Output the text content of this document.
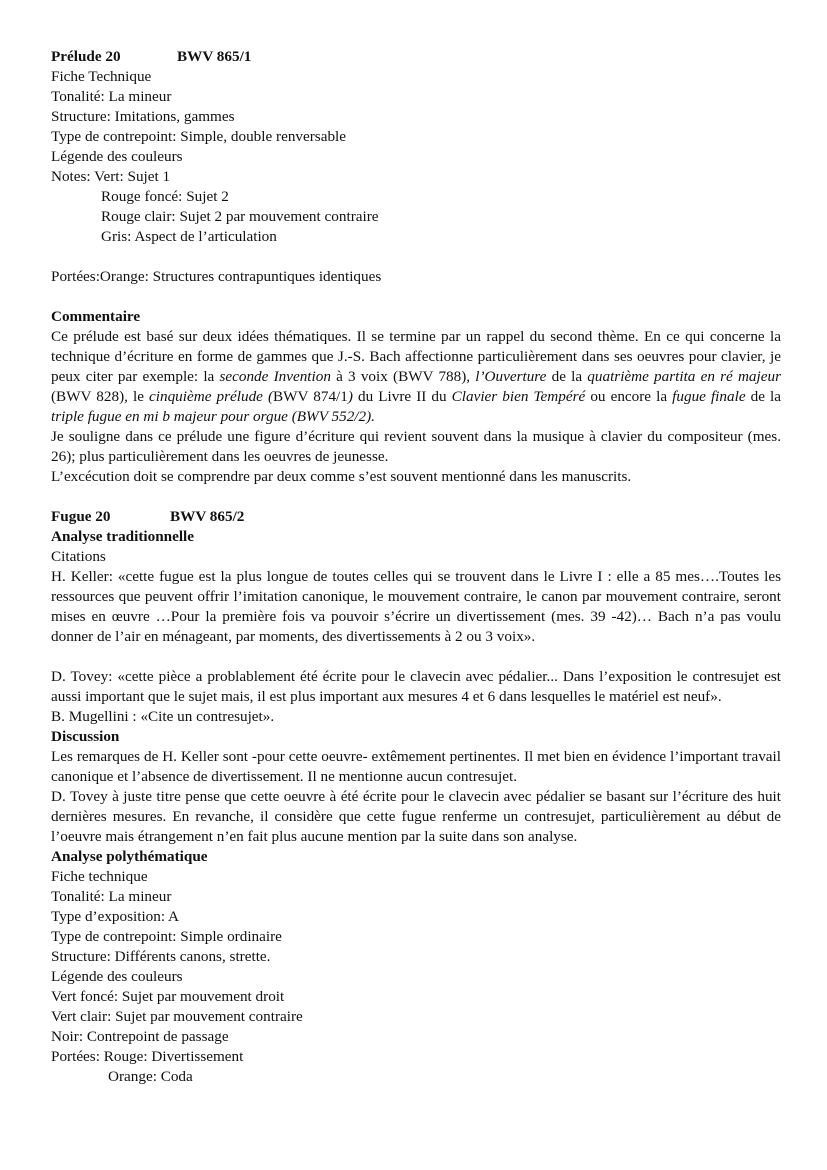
Prélude 20	BWV 865/1
Fiche Technique
Tonalité: La mineur
Structure: Imitations, gammes
Type de contrepoint: Simple, double renversable
Légende des couleurs
Notes: Vert: Sujet 1
Rouge foncé: Sujet 2
Rouge clair: Sujet 2 par mouvement contraire
Gris: Aspect de l’articulation
Portées:Orange: Structures contrapuntiques identiques
Commentaire
Ce prélude est basé sur deux idées thématiques. Il se termine par un rappel du second thème. En ce qui concerne la technique d’écriture en forme de gammes que J.-S. Bach affectionne particulièrement dans ses oeuvres pour clavier, je peux citer par exemple: la seconde Invention à 3 voix (BWV 788), l’Ouverture de la quatrième partita en ré majeur (BWV 828), le cinquième prélude (BWV 874/1) du Livre II du Clavier bien Tempéré ou encore la fugue finale de la triple fugue en mi b majeur pour orgue (BWV 552/2).
Je souligne dans ce prélude une figure d’écriture qui revient souvent dans la musique à clavier du compositeur (mes. 26); plus particulièrement dans les oeuvres de jeunesse.
L’excécution doit se comprendre par deux comme s’est souvent mentionné dans les manuscrits.
Fugue 20	BWV 865/2
Analyse traditionnelle
Citations
H. Keller: «cette fugue est la plus longue de toutes celles qui se trouvent dans le Livre I : elle a 85 mes….Toutes les ressources que peuvent offrir l’imitation canonique, le mouvement contraire, le canon par mouvement contraire, seront mises en œuvre …Pour la première fois va pouvoir s’écrire un divertissement (mes. 39 -42)… Bach n’a pas voulu donner de l’air en ménageant, par moments, des divertissements à 2 ou 3 voix».
D. Tovey: «cette pièce a problablement été écrite pour le clavecin avec pédalier... Dans l’exposition le contresujet est aussi important que le sujet mais, il est plus important aux mesures 4 et 6 dans lesquelles le matériel est neuf».
B. Mugellini : «Cite un contresujet».
Discussion
Les remarques de H. Keller sont -pour cette oeuvre- extêmement pertinentes. Il met bien en évidence l’important travail canonique et l’absence de divertissement. Il ne mentionne aucun contresujet.
D. Tovey à juste titre pense que cette oeuvre à été écrite pour le clavecin avec pédalier se basant sur l’écriture des huit dernières mesures. En revanche, il considère que cette fugue renferme un contresujet, particulièrement au début de l’oeuvre mais étrangement n’en fait plus aucune mention par la suite dans son analyse.
Analyse polythématique
Fiche technique
Tonalité: La mineur
Type d’exposition: A
Type de contrepoint: Simple ordinaire
Structure: Différents canons, strette.
Légende des couleurs
Vert foncé: Sujet par mouvement droit
Vert clair: Sujet par mouvement contraire
Noir: Contrepoint de passage
Portées: Rouge: Divertissement
Orange: Coda
